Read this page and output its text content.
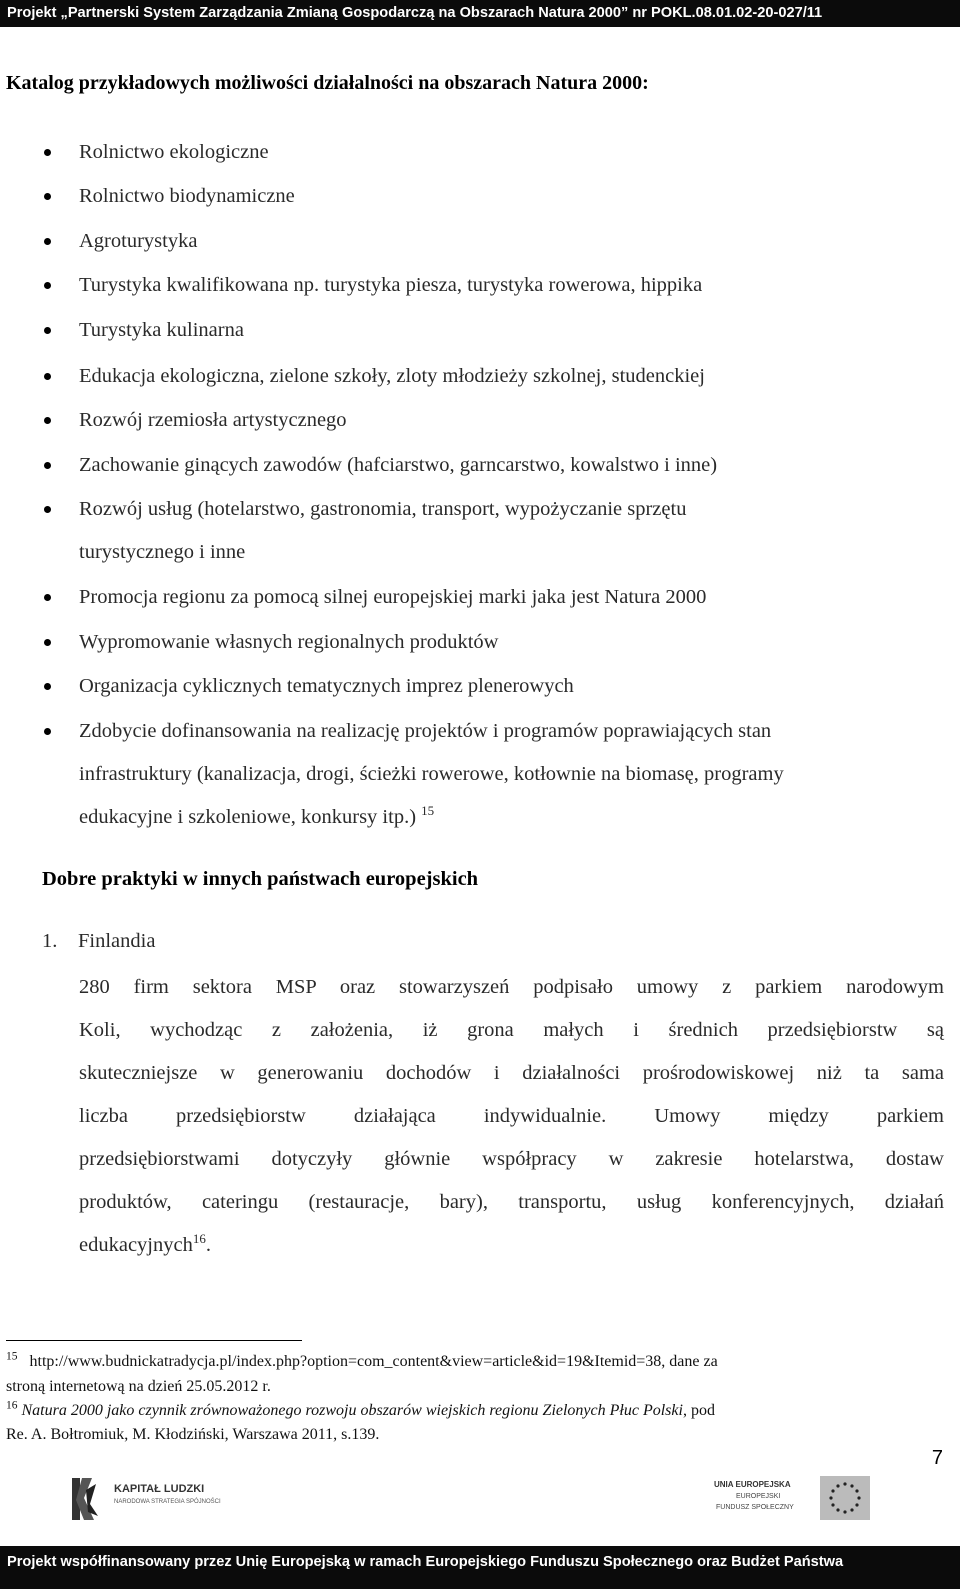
Projekt „Partnerski System Zarządzania Zmianą Gospodarczą na Obszarach Natura 2000” nr POKL.08.01.02-20-027/11
Katalog przykładowych możliwości działalności na obszarach Natura 2000:
Rolnictwo ekologiczne
Rolnictwo biodynamiczne
Agroturystyka
Turystyka kwalifikowana np. turystyka piesza, turystyka rowerowa, hippika
Turystyka kulinarna
Edukacja ekologiczna, zielone szkoły, zloty młodzieży szkolnej, studenckiej
Rozwój rzemiosła artystycznego
Zachowanie ginących zawodów (hafciarstwo, garncarstwo, kowalstwo i inne)
Rozwój usług (hotelarstwo, gastronomia, transport, wypożyczanie sprzętu
turystycznego i inne
Promocja regionu za pomocą silnej europejskiej marki jaka jest Natura 2000
Wypromowanie własnych regionalnych produktów
Organizacja cyklicznych tematycznych imprez plenerowych
Zdobycie dofinansowania na realizację projektów i programów poprawiających stan
infrastruktury (kanalizacja, drogi, ścieżki rowerowe, kotłownie na biomasę, programy
edukacyjne i szkoleniowe, konkursy itp.) $^{15}$
Dobre praktyki w innych państwach europejskich
1. Finlandia
280 firm sektora MSP oraz stowarzyszeń podpisało umowy z parkiem narodowym
Koli, wychodząc z założenia, iż grona małych i średnich przedsiębiorstw są
skuteczniejsze w generowaniu dochodów i działalności prośrodowiskowej niż ta sama
liczba przedsiębiorstw działająca indywidualnie. Umowy między parkiem
przedsiębiorstwami dotyczyły głównie współpracy w zakresie hotelarstwa, dostaw
produktów, cateringu (restauracje, bary), transportu, usług konferencyjnych, działań
edukacyjnych$^{16}$.
$^{15}$ http://www.budnickatradycja.pl/index.php?option=com_content&view=article&id=19&Itemid=38, dane za
stroną internetową na dzień 25.05.2012 r.
$^{16}$ Natura 2000 jako czynnik zrównoważonego rozwoju obszarów wiejskich regionu Zielonych Płuc Polski, pod
Re. A. Bołtromiuk, M. Kłodziński, Warszawa 2011, s.139.
7
KAPITAŁ LUDZKI
NARODOWA STRATEGIA SPÓJNOŚCI
UNIA EUROPEJSKA
EUROPEJSKI
FUNDUSZ SPOŁECZNY
Projekt współfinansowany przez Unię Europejską w ramach Europejskiego Funduszu Społecznego oraz Budżet Państwa
